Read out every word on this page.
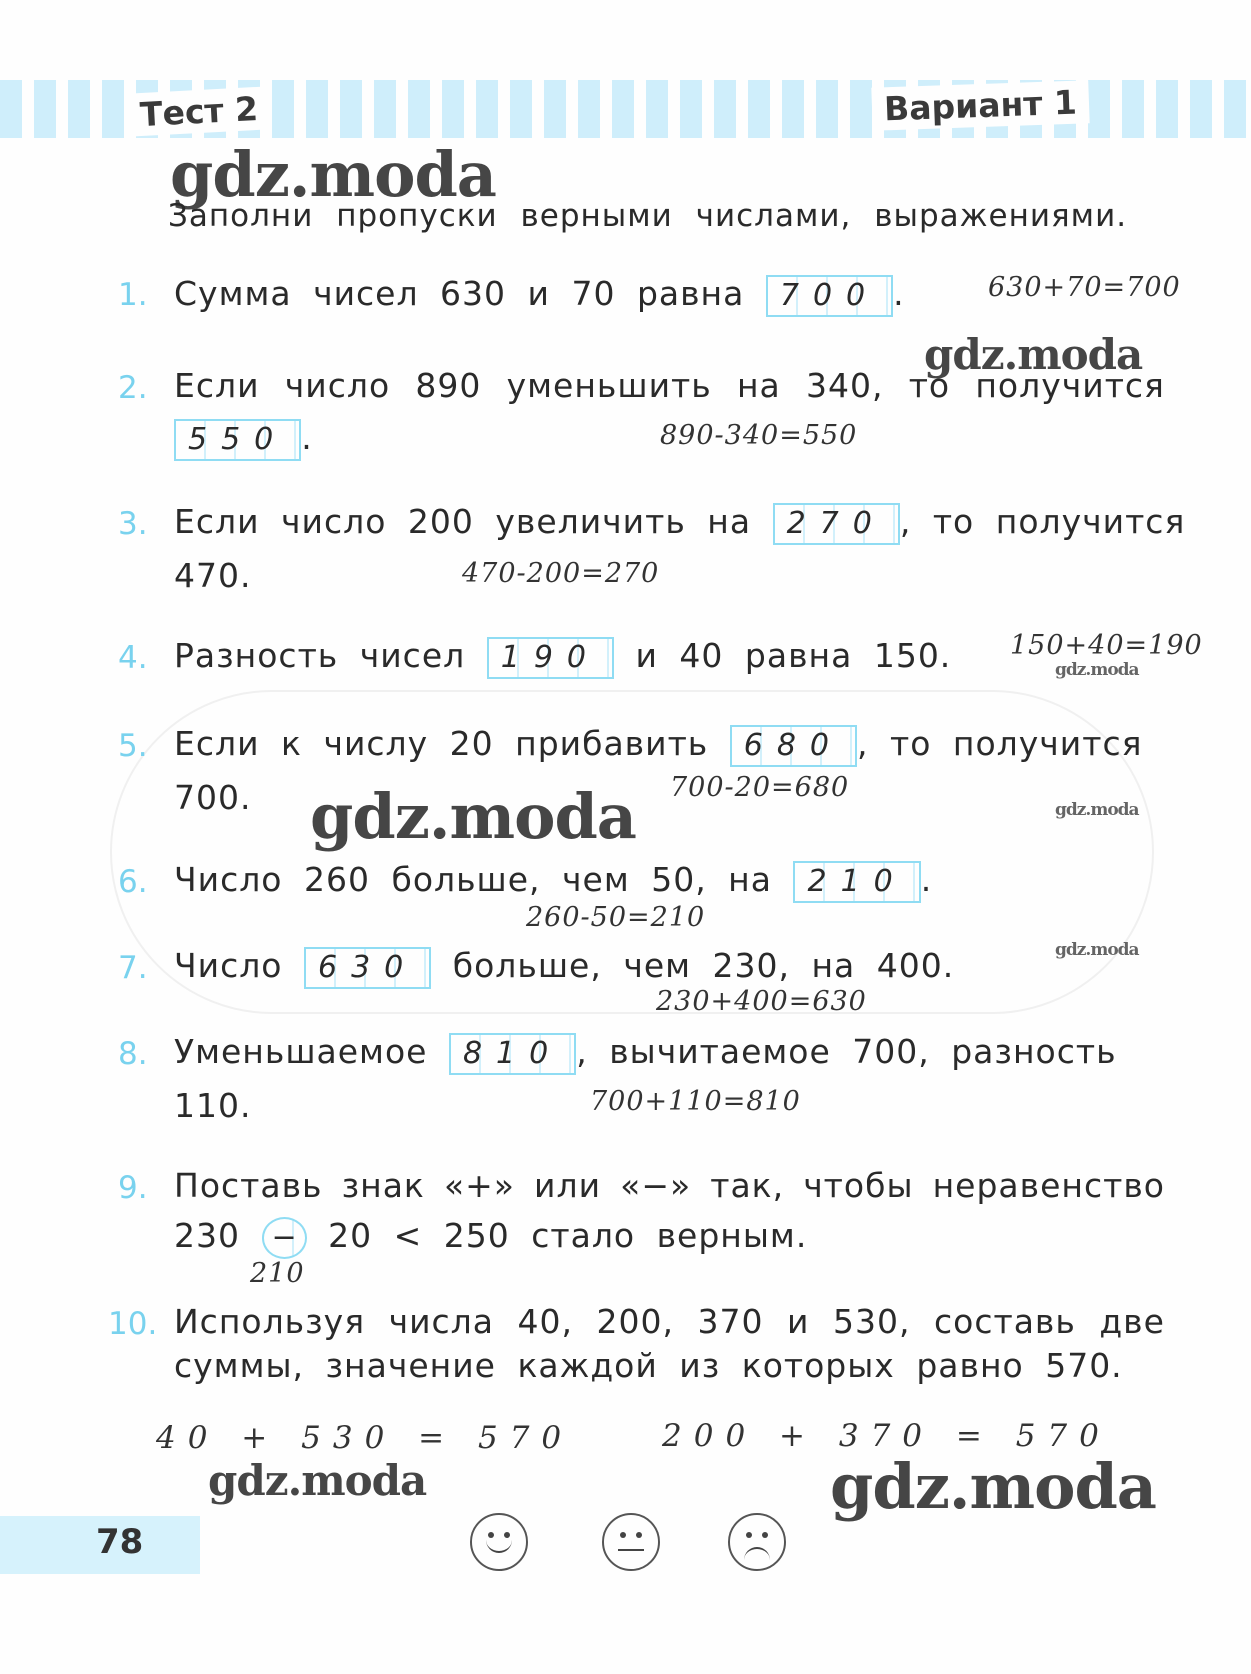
Тест 2	Вариант 1
gdz.moda
Заполни пропуски верными числами, выражениями.
1. Сумма чисел 630 и 70 равна 700 .	630+70=700
gdz.moda
2. Если число 890 уменьшить на 340, то получится
550 .	890-340=550
3. Если число 200 увеличить на 270 , то получится
470.	470-200=270
4. Разность чисел 190 и 40 равна 150. 150+40=190
gdz.moda
5. Если к числу 20 прибавить 680 , то получится
700.	700-20=680
gdz.moda	gdz.moda
6. Число 260 больше, чем 50, на 210 .
260-50=210
7. Число 630 больше, чем 230, на 400.
230+400=630
gdz.moda
8. Уменьшаемое 810 , вычитаемое 700, разность
110.	700+110=810
9. Поставь знак «+» или «−» так, чтобы неравенство
230 − 20 < 250 стало верным.
210
10. Используя числа 40, 200, 370 и 530, составь две
суммы, значение каждой из которых равно 570.
40 + 530 = 570	200 + 370 = 570
gdz.moda	gdz.moda
78
